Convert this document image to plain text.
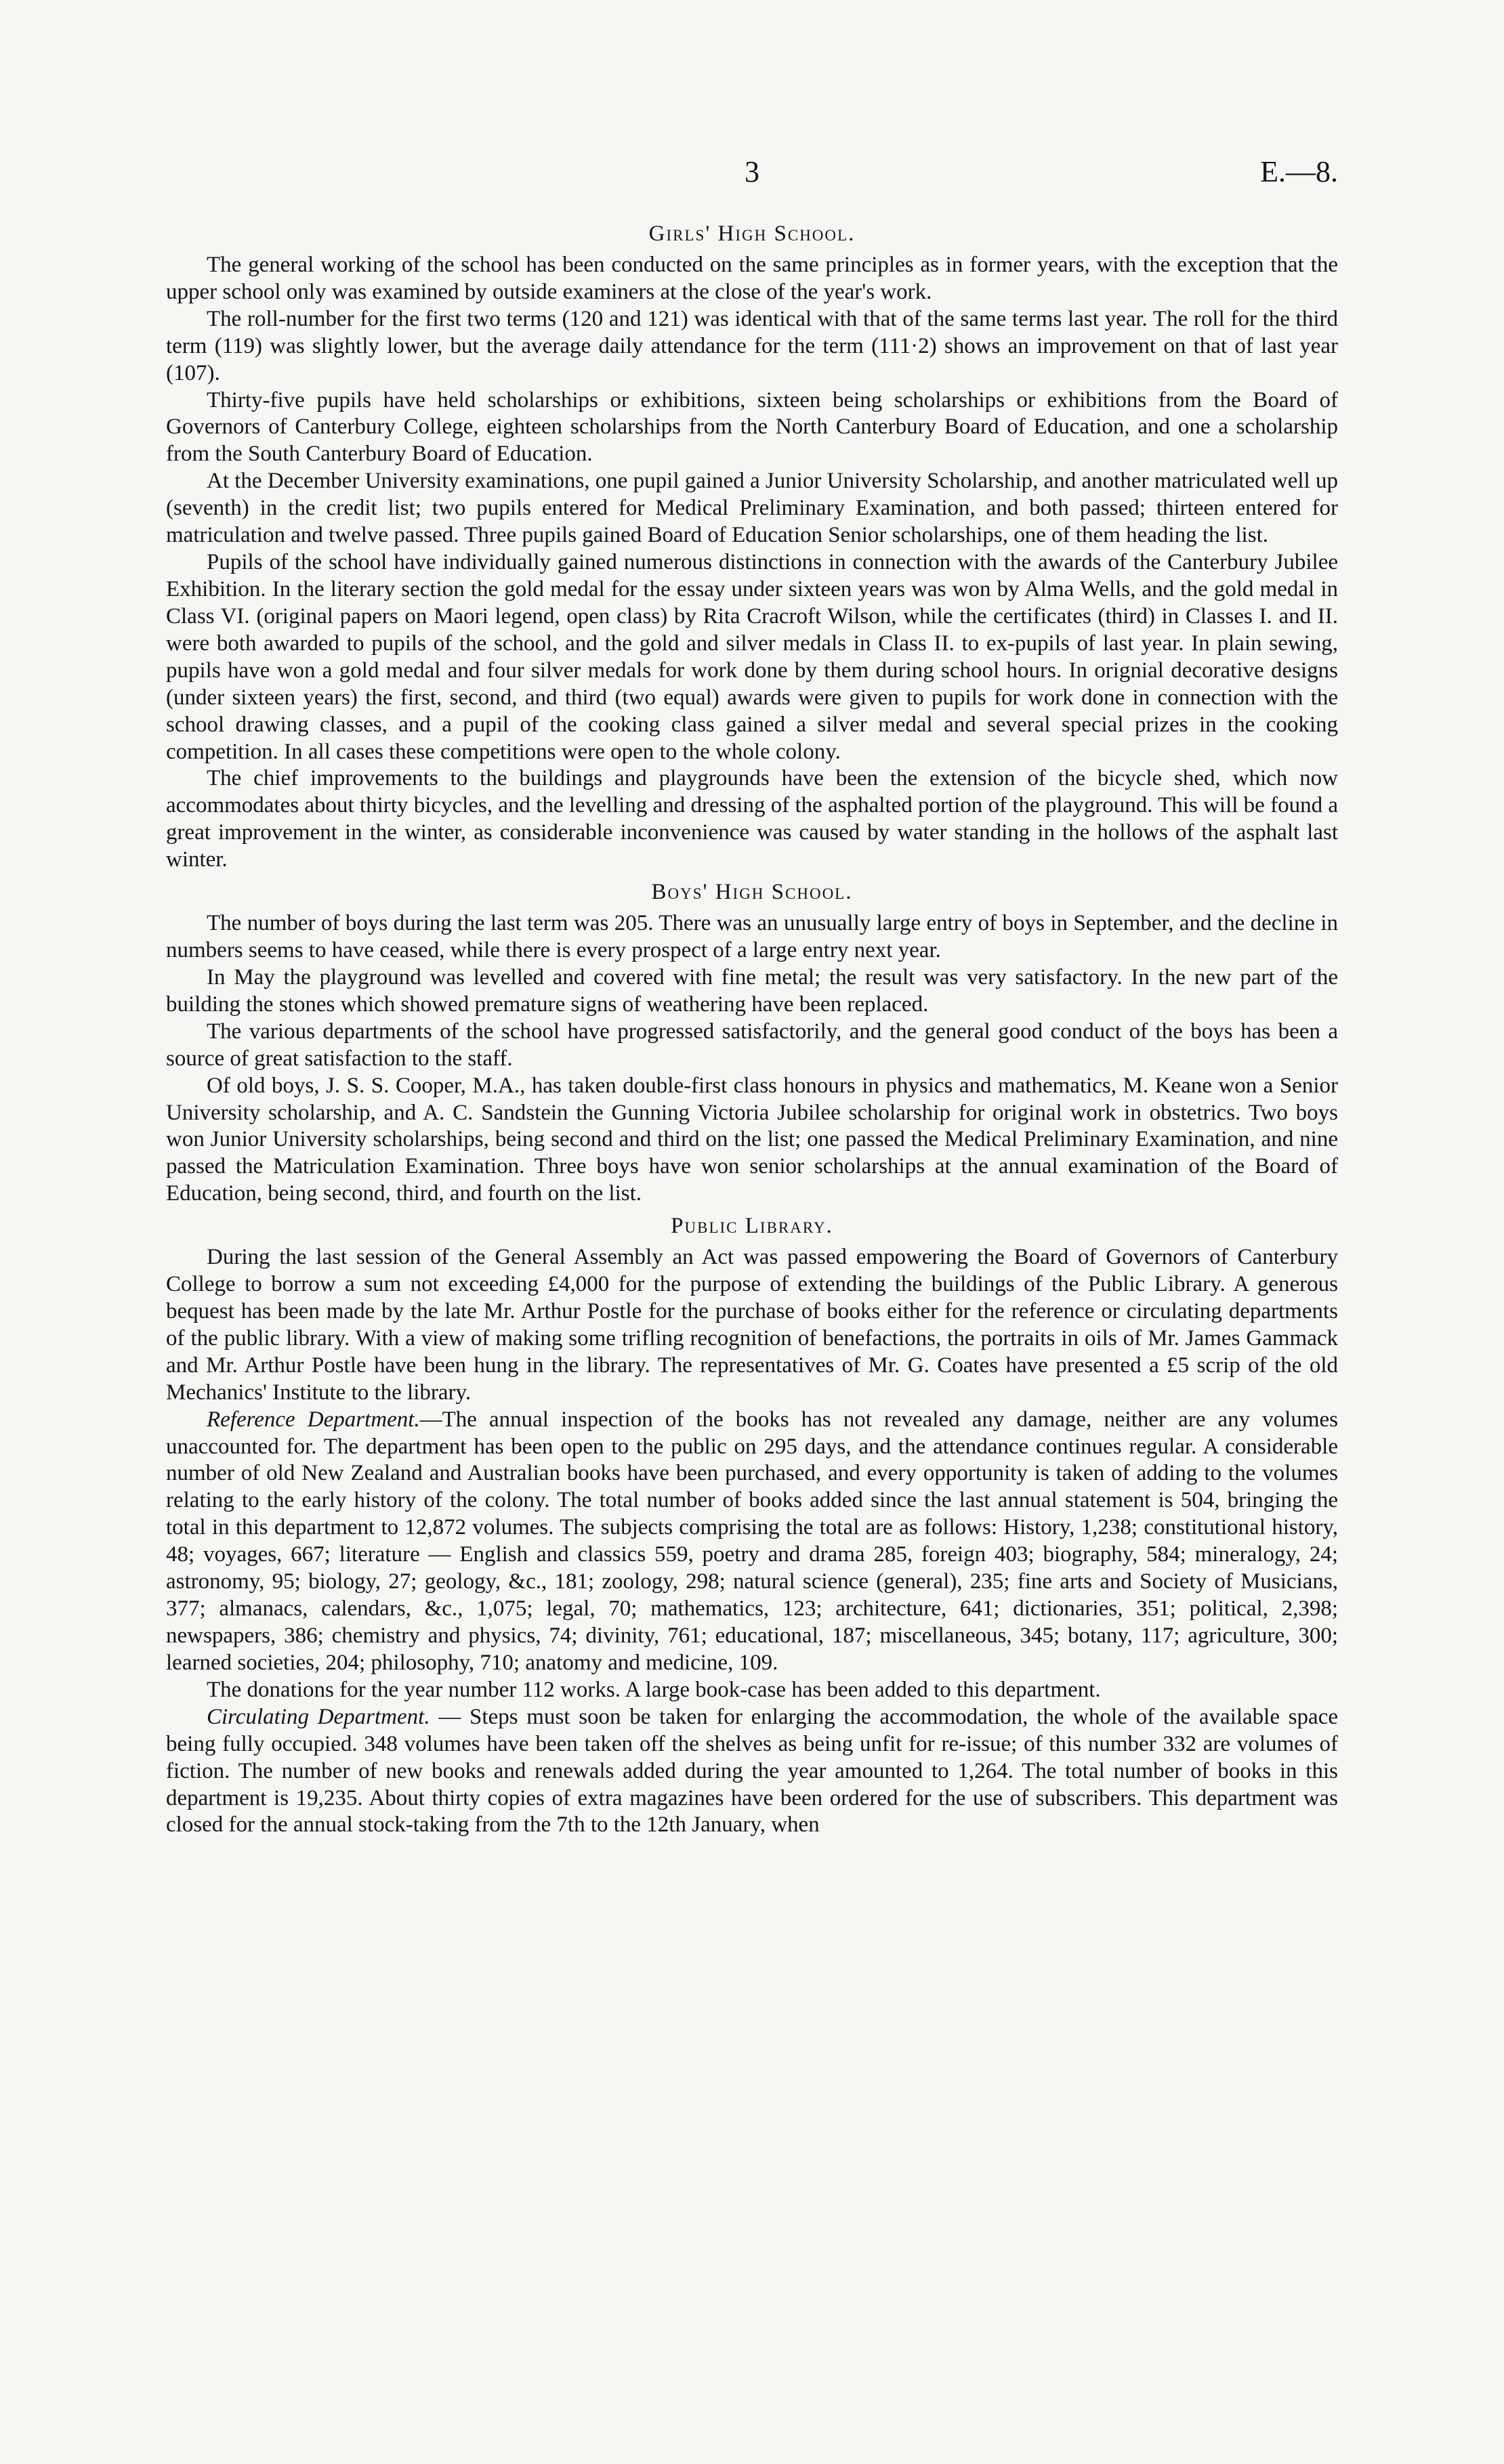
3	E.—8.
Girls' High School.

The general working of the school has been conducted on the same principles as in former years, with the exception that the upper school only was examined by outside examiners at the close of the year's work.

The roll-number for the first two terms (120 and 121) was identical with that of the same terms last year. The roll for the third term (119) was slightly lower, but the average daily attendance for the term (111·2) shows an improvement on that of last year (107).

Thirty-five pupils have held scholarships or exhibitions, sixteen being scholarships or exhibitions from the Board of Governors of Canterbury College, eighteen scholarships from the North Canterbury Board of Education, and one a scholarship from the South Canterbury Board of Education.

At the December University examinations, one pupil gained a Junior University Scholarship, and another matriculated well up (seventh) in the credit list; two pupils entered for Medical Preliminary Examination, and both passed; thirteen entered for matriculation and twelve passed. Three pupils gained Board of Education Senior scholarships, one of them heading the list.

Pupils of the school have individually gained numerous distinctions in connection with the awards of the Canterbury Jubilee Exhibition. In the literary section the gold medal for the essay under sixteen years was won by Alma Wells, and the gold medal in Class VI. (original papers on Maori legend, open class) by Rita Cracroft Wilson, while the certificates (third) in Classes I. and II. were both awarded to pupils of the school, and the gold and silver medals in Class II. to ex-pupils of last year. In plain sewing, pupils have won a gold medal and four silver medals for work done by them during school hours. In orignial decorative designs (under sixteen years) the first, second, and third (two equal) awards were given to pupils for work done in connection with the school drawing classes, and a pupil of the cooking class gained a silver medal and several special prizes in the cooking competition. In all cases these competitions were open to the whole colony.

The chief improvements to the buildings and playgrounds have been the extension of the bicycle shed, which now accommodates about thirty bicycles, and the levelling and dressing of the asphalted portion of the playground. This will be found a great improvement in the winter, as considerable inconvenience was caused by water standing in the hollows of the asphalt last winter.

Boys' High School.

The number of boys during the last term was 205. There was an unusually large entry of boys in September, and the decline in numbers seems to have ceased, while there is every prospect of a large entry next year.

In May the playground was levelled and covered with fine metal; the result was very satisfactory. In the new part of the building the stones which showed premature signs of weathering have been replaced.

The various departments of the school have progressed satisfactorily, and the general good conduct of the boys has been a source of great satisfaction to the staff.

Of old boys, J. S. S. Cooper, M.A., has taken double-first class honours in physics and mathematics, M. Keane won a Senior University scholarship, and A. C. Sandstein the Gunning Victoria Jubilee scholarship for original work in obstetrics. Two boys won Junior University scholarships, being second and third on the list; one passed the Medical Preliminary Examination, and nine passed the Matriculation Examination. Three boys have won senior scholarships at the annual examination of the Board of Education, being second, third, and fourth on the list.

Public Library.

During the last session of the General Assembly an Act was passed empowering the Board of Governors of Canterbury College to borrow a sum not exceeding £4,000 for the purpose of extending the buildings of the Public Library. A generous bequest has been made by the late Mr. Arthur Postle for the purchase of books either for the reference or circulating departments of the public library. With a view of making some trifling recognition of benefactions, the portraits in oils of Mr. James Gammack and Mr. Arthur Postle have been hung in the library. The representatives of Mr. G. Coates have presented a £5 scrip of the old Mechanics' Institute to the library.

Reference Department.—The annual inspection of the books has not revealed any damage, neither are any volumes unaccounted for. The department has been open to the public on 295 days, and the attendance continues regular. A considerable number of old New Zealand and Australian books have been purchased, and every opportunity is taken of adding to the volumes relating to the early history of the colony. The total number of books added since the last annual statement is 504, bringing the total in this department to 12,872 volumes. The subjects comprising the total are as follows: History, 1,238; constitutional history, 48; voyages, 667; literature — English and classics 559, poetry and drama 285, foreign 403; biography, 584; mineralogy, 24; astronomy, 95; biology, 27; geology, &c., 181; zoology, 298; natural science (general), 235; fine arts and Society of Musicians, 377; almanacs, calendars, &c., 1,075; legal, 70; mathematics, 123; architecture, 641; dictionaries, 351; political, 2,398; newspapers, 386; chemistry and physics, 74; divinity, 761; educational, 187; miscellaneous, 345; botany, 117; agriculture, 300; learned societies, 204; philosophy, 710; anatomy and medicine, 109.

The donations for the year number 112 works. A large book-case has been added to this department.

Circulating Department. — Steps must soon be taken for enlarging the accommodation, the whole of the available space being fully occupied. 348 volumes have been taken off the shelves as being unfit for re-issue; of this number 332 are volumes of fiction. The number of new books and renewals added during the year amounted to 1,264. The total number of books in this department is 19,235. About thirty copies of extra magazines have been ordered for the use of subscribers. This department was closed for the annual stock-taking from the 7th to the 12th January, when
